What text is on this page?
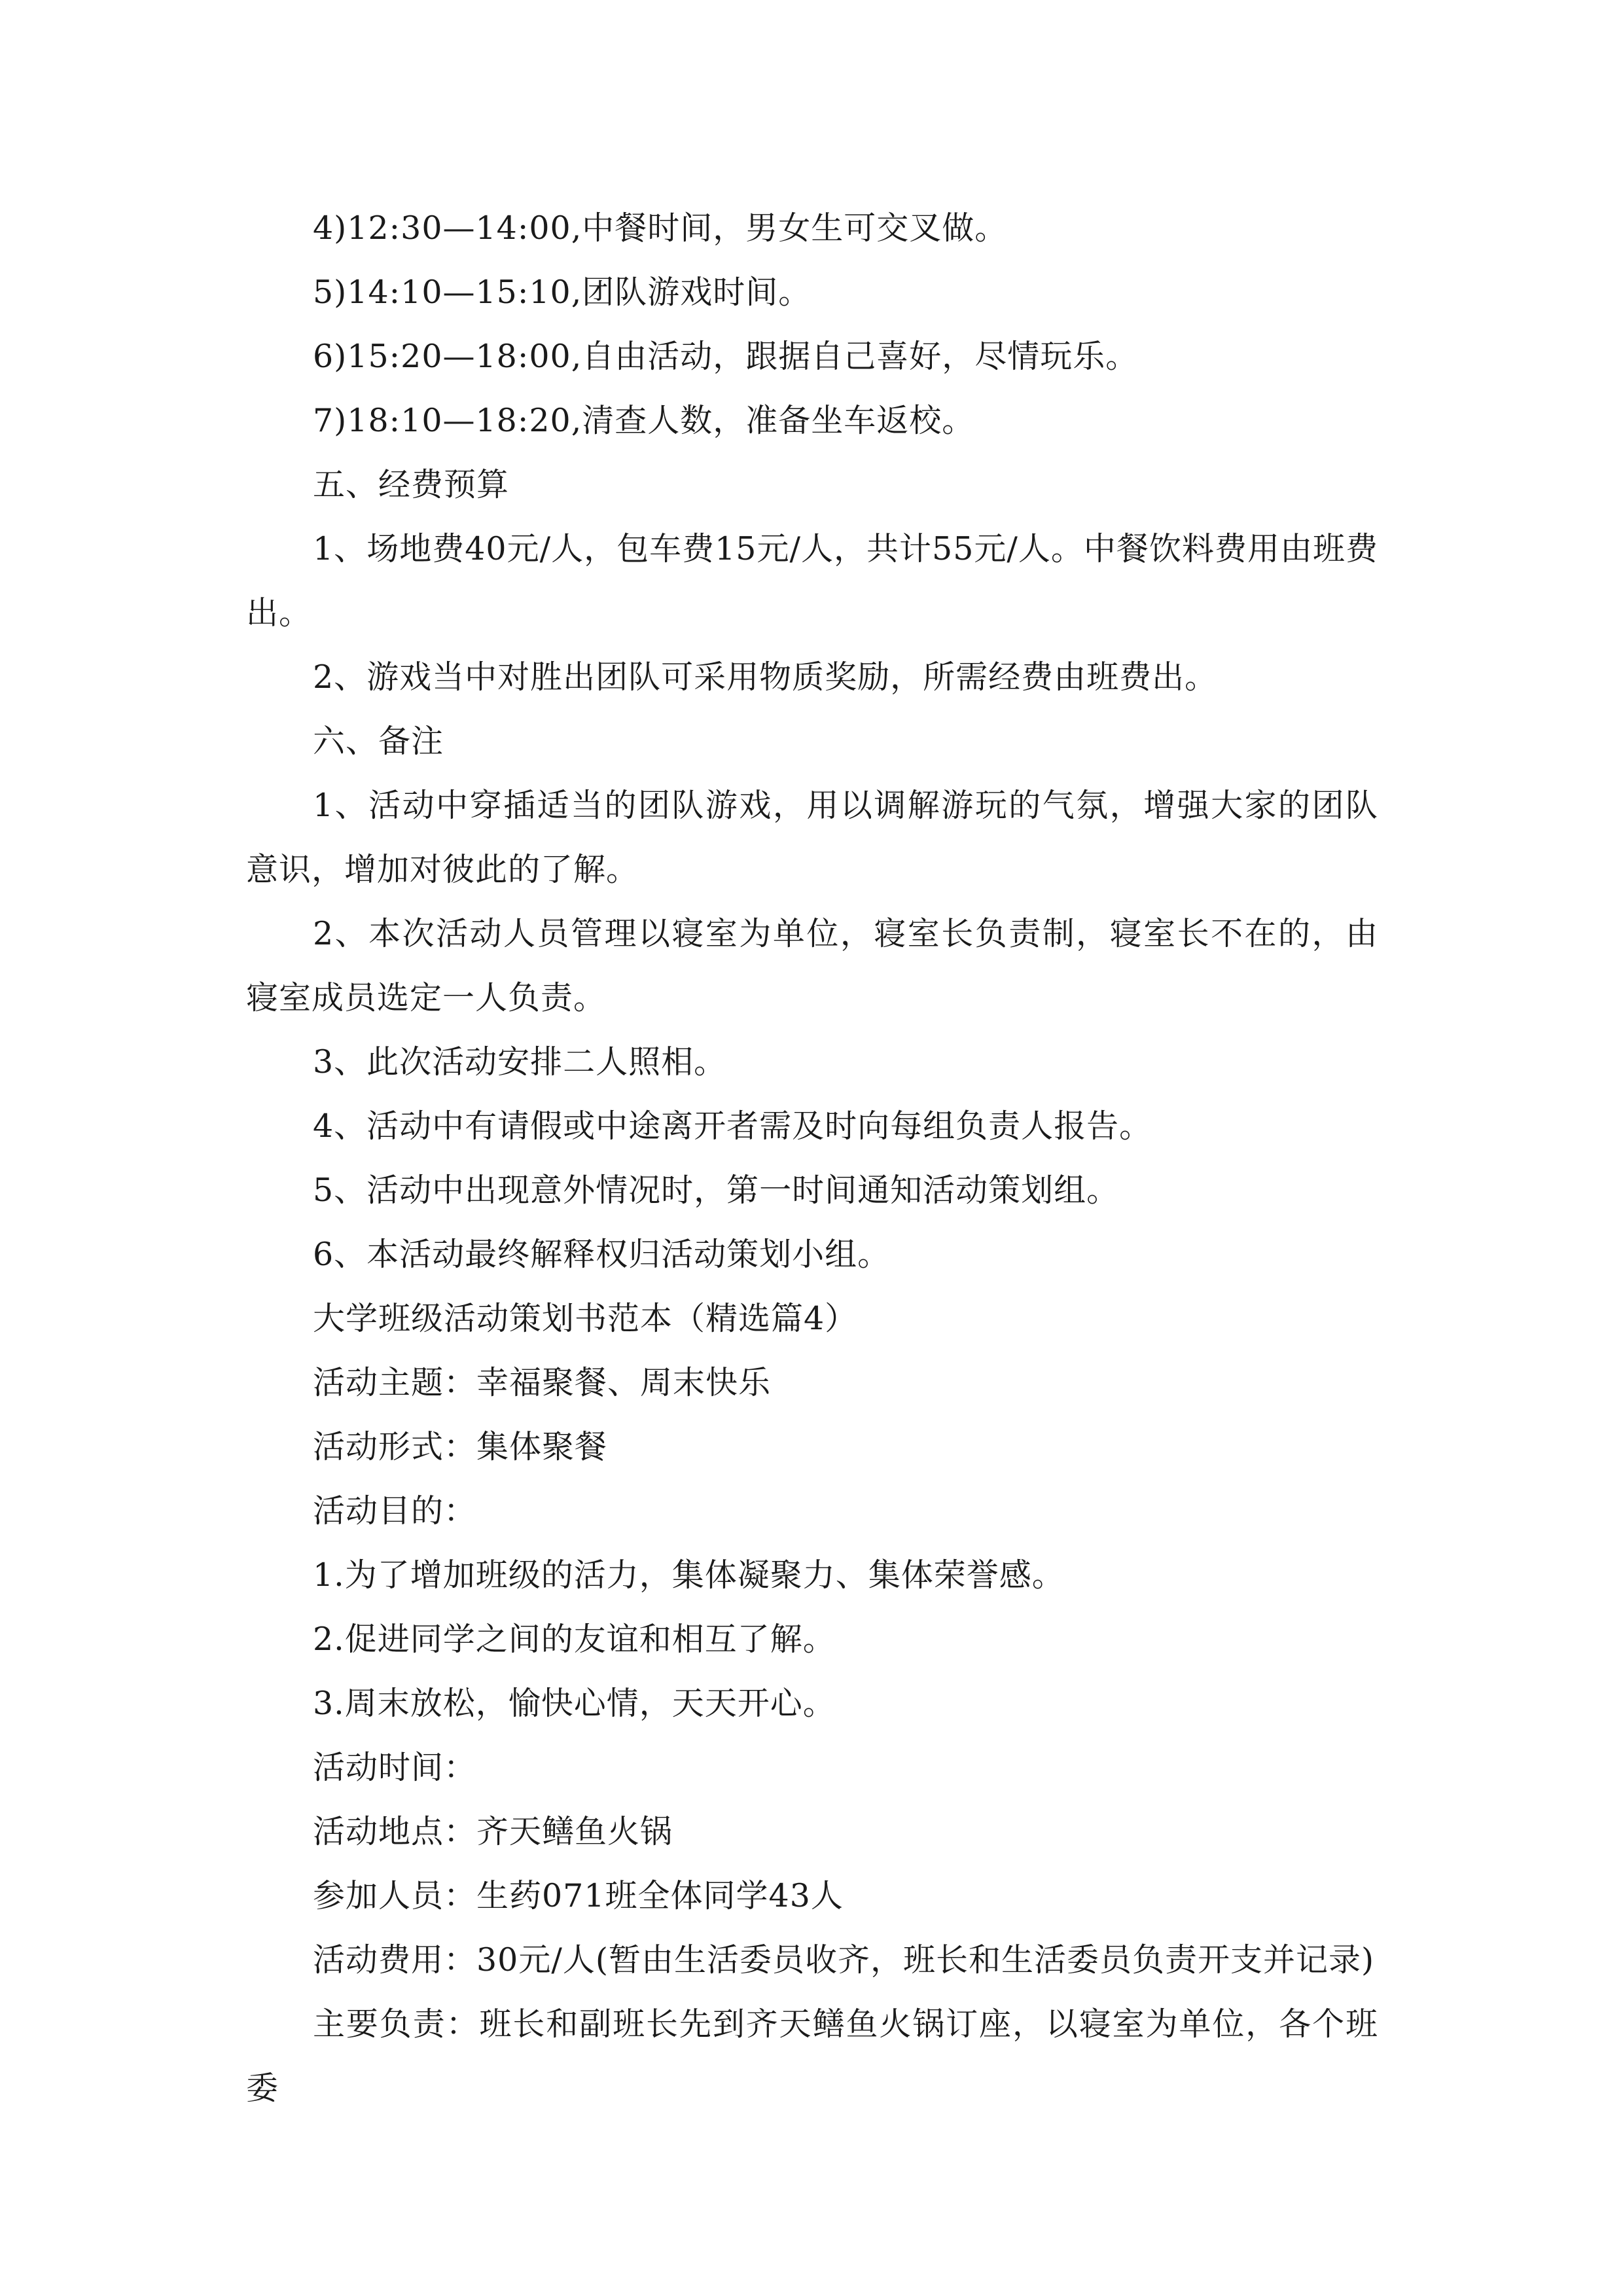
4)12:30—14:00,中餐时间，男女生可交叉做。

5)14:10—15:10,团队游戏时间。

6)15:20—18:00,自由活动，跟据自己喜好，尽情玩乐。

7)18:10—18:20,清查人数，准备坐车返校。

五、经费预算

1、场地费40元/人，包车费15元/人，共计55元/人。中餐饮料费用由班费出。

2、游戏当中对胜出团队可采用物质奖励，所需经费由班费出。

六、备注

1、活动中穿插适当的团队游戏，用以调解游玩的气氛，增强大家的团队意识，增加对彼此的了解。

2、本次活动人员管理以寝室为单位，寝室长负责制，寝室长不在的，由寝室成员选定一人负责。

3、此次活动安排二人照相。

4、活动中有请假或中途离开者需及时向每组负责人报告。

5、活动中出现意外情况时，第一时间通知活动策划组。

6、本活动最终解释权归活动策划小组。

大学班级活动策划书范本（精选篇4）

活动主题：幸福聚餐、周末快乐

活动形式：集体聚餐

活动目的：

1.为了增加班级的活力，集体凝聚力、集体荣誉感。

2.促进同学之间的友谊和相互了解。

3.周末放松，愉快心情，天天开心。

活动时间：

活动地点：齐天鳝鱼火锅

参加人员：生药071班全体同学43人

活动费用：30元/人(暂由生活委员收齐，班长和生活委员负责开支并记录)

主要负责：班长和副班长先到齐天鳝鱼火锅订座，以寝室为单位，各个班委
